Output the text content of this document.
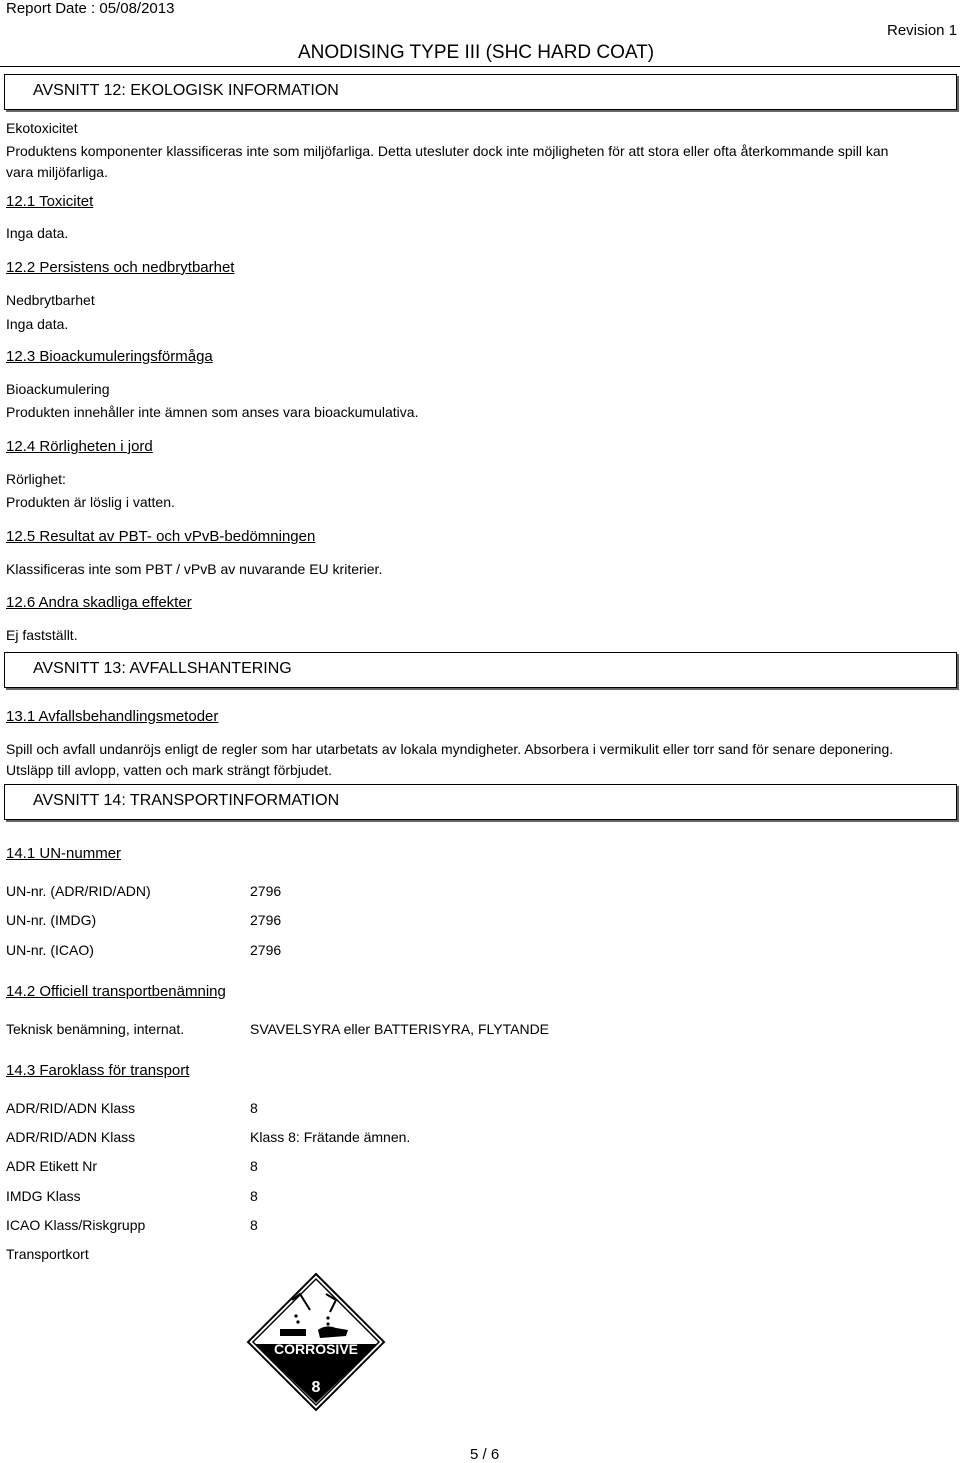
Report Date : 05/08/2013
ANODISING TYPE III (SHC HARD COAT)
Revision 1
AVSNITT 12: EKOLOGISK INFORMATION
Ekotoxicitet
Produktens komponenter klassificeras inte som miljöfarliga. Detta utesluter dock inte möjligheten för att stora eller ofta återkommande spill kan vara miljöfarliga.
12.1 Toxicitet
Inga data.
12.2 Persistens och nedbrytbarhet
Nedbrytbarhet
Inga data.
12.3 Bioackumuleringsförmåga
Bioackumulering
Produkten innehåller inte ämnen som anses vara bioackumulativa.
12.4 Rörligheten i jord
Rörlighet:
Produkten är löslig i vatten.
12.5 Resultat av PBT- och vPvB-bedömningen
Klassificeras inte som PBT / vPvB av nuvarande EU kriterier.
12.6 Andra skadliga effekter
Ej fastställt.
AVSNITT 13: AVFALLSHANTERING
13.1 Avfallsbehandlingsmetoder
Spill och avfall undanröjs enligt de regler som har utarbetats av lokala myndigheter. Absorbera i vermikulit eller torr sand för senare deponering. Utsläpp till avlopp, vatten och mark strängt förbjudet.
AVSNITT 14: TRANSPORTINFORMATION
14.1 UN-nummer
UN-nr. (ADR/RID/ADN)	2796
UN-nr. (IMDG)	2796
UN-nr. (ICAO)	2796
14.2 Officiell transportbenämning
Teknisk benämning, internat.	SVAVELSYRA eller BATTERISYRA, FLYTANDE
14.3 Faroklass för transport
ADR/RID/ADN Klass	8
ADR/RID/ADN Klass	Klass 8: Frätande ämnen.
ADR Etikett Nr	8
IMDG Klass	8
ICAO Klass/Riskgrupp	8
Transportkort
CORROSIVE
8
5 / 6
